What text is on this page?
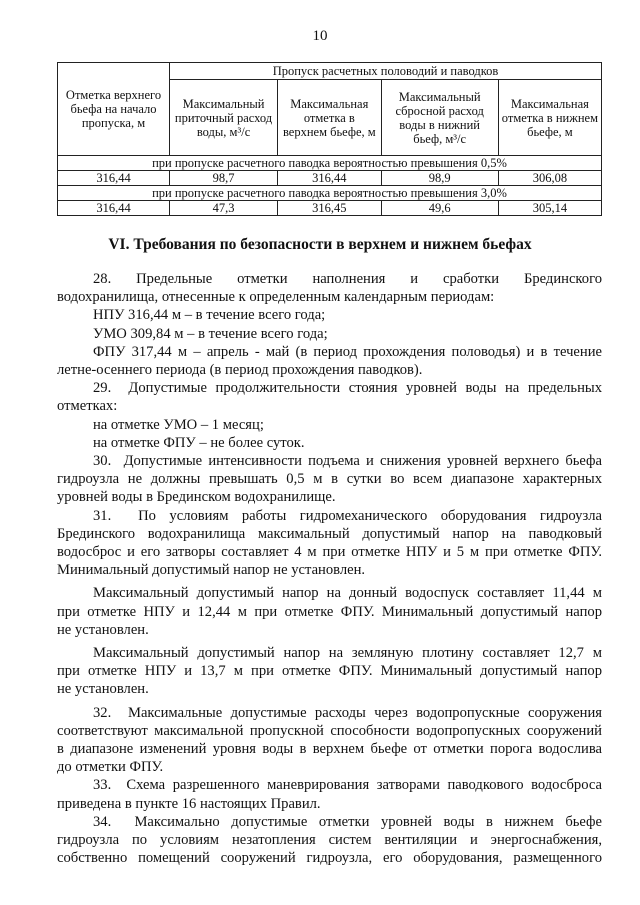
10
Отметка верхнего бьефа на начало пропуска, м	Пропуск расчетных половодий и паводков			
	Максимальный приточный расход воды, м³/с	Максимальная отметка в верхнем бьефе, м	Максимальный сбросной расход воды в нижний бьеф, м³/с	Максимальная отметка в нижнем бьефе, м
при пропуске расчетного паводка вероятностью превышения 0,5%				
316,44	98,7	316,44	98,9	306,08
при пропуске расчетного паводка вероятностью превышения 3,0%				
316,44	47,3	316,45	49,6	305,14
VI. Требования по безопасности в верхнем и нижнем бьефах

28.    Предельные    отметки    наполнения    и    сработки    Брединского

водохранилища, отнесенные к определенным календарным периодам:

НПУ 316,44 м – в течение всего года;

УМО 309,84 м – в течение всего года;

ФПУ 317,44 м – апрель - май (в период прохождения половодья) и в течение

летне-осеннего периода (в период прохождения паводков).

29.  Допустимые продолжительности стояния уровней воды на предельных

отметках:

на отметке УМО – 1 месяц;

на отметке ФПУ – не более суток.

30.  Допустимые интенсивности подъема и снижения уровней верхнего бьефа

гидроузла не должны превышать 0,5 м в сутки во всем диапазоне характерных

уровней воды в Брединском водохранилище.

31.  По условиям работы гидромеханического оборудования гидроузла

Брединского водохранилища максимальный допустимый напор на паводковый

водосброс и его затворы составляет 4 м при отметке НПУ и 5 м при отметке ФПУ.

Минимальный допустимый напор не установлен.

Максимальный допустимый напор на донный водоспуск составляет 11,44 м

при отметке НПУ и 12,44 м при отметке ФПУ. Минимальный допустимый напор

не установлен.

Максимальный допустимый напор на земляную плотину составляет 12,7 м

при отметке НПУ и 13,7 м при отметке ФПУ. Минимальный допустимый напор

не установлен.

32.  Максимальные допустимые расходы через водопропускные сооружения

соответствуют максимальной пропускной способности водопропускных сооружений

в диапазоне изменений уровня воды в верхнем бьефе от отметки порога водослива

до отметки ФПУ.

33.  Схема разрешенного маневрирования затворами паводкового водосброса

приведена в пункте 16 настоящих Правил.

34.  Максимально допустимые отметки уровней воды в нижнем бьефе

гидроузла по условиям незатопления систем вентиляции и энергоснабжения,

собственно помещений сооружений гидроузла, его оборудования, размещенного
